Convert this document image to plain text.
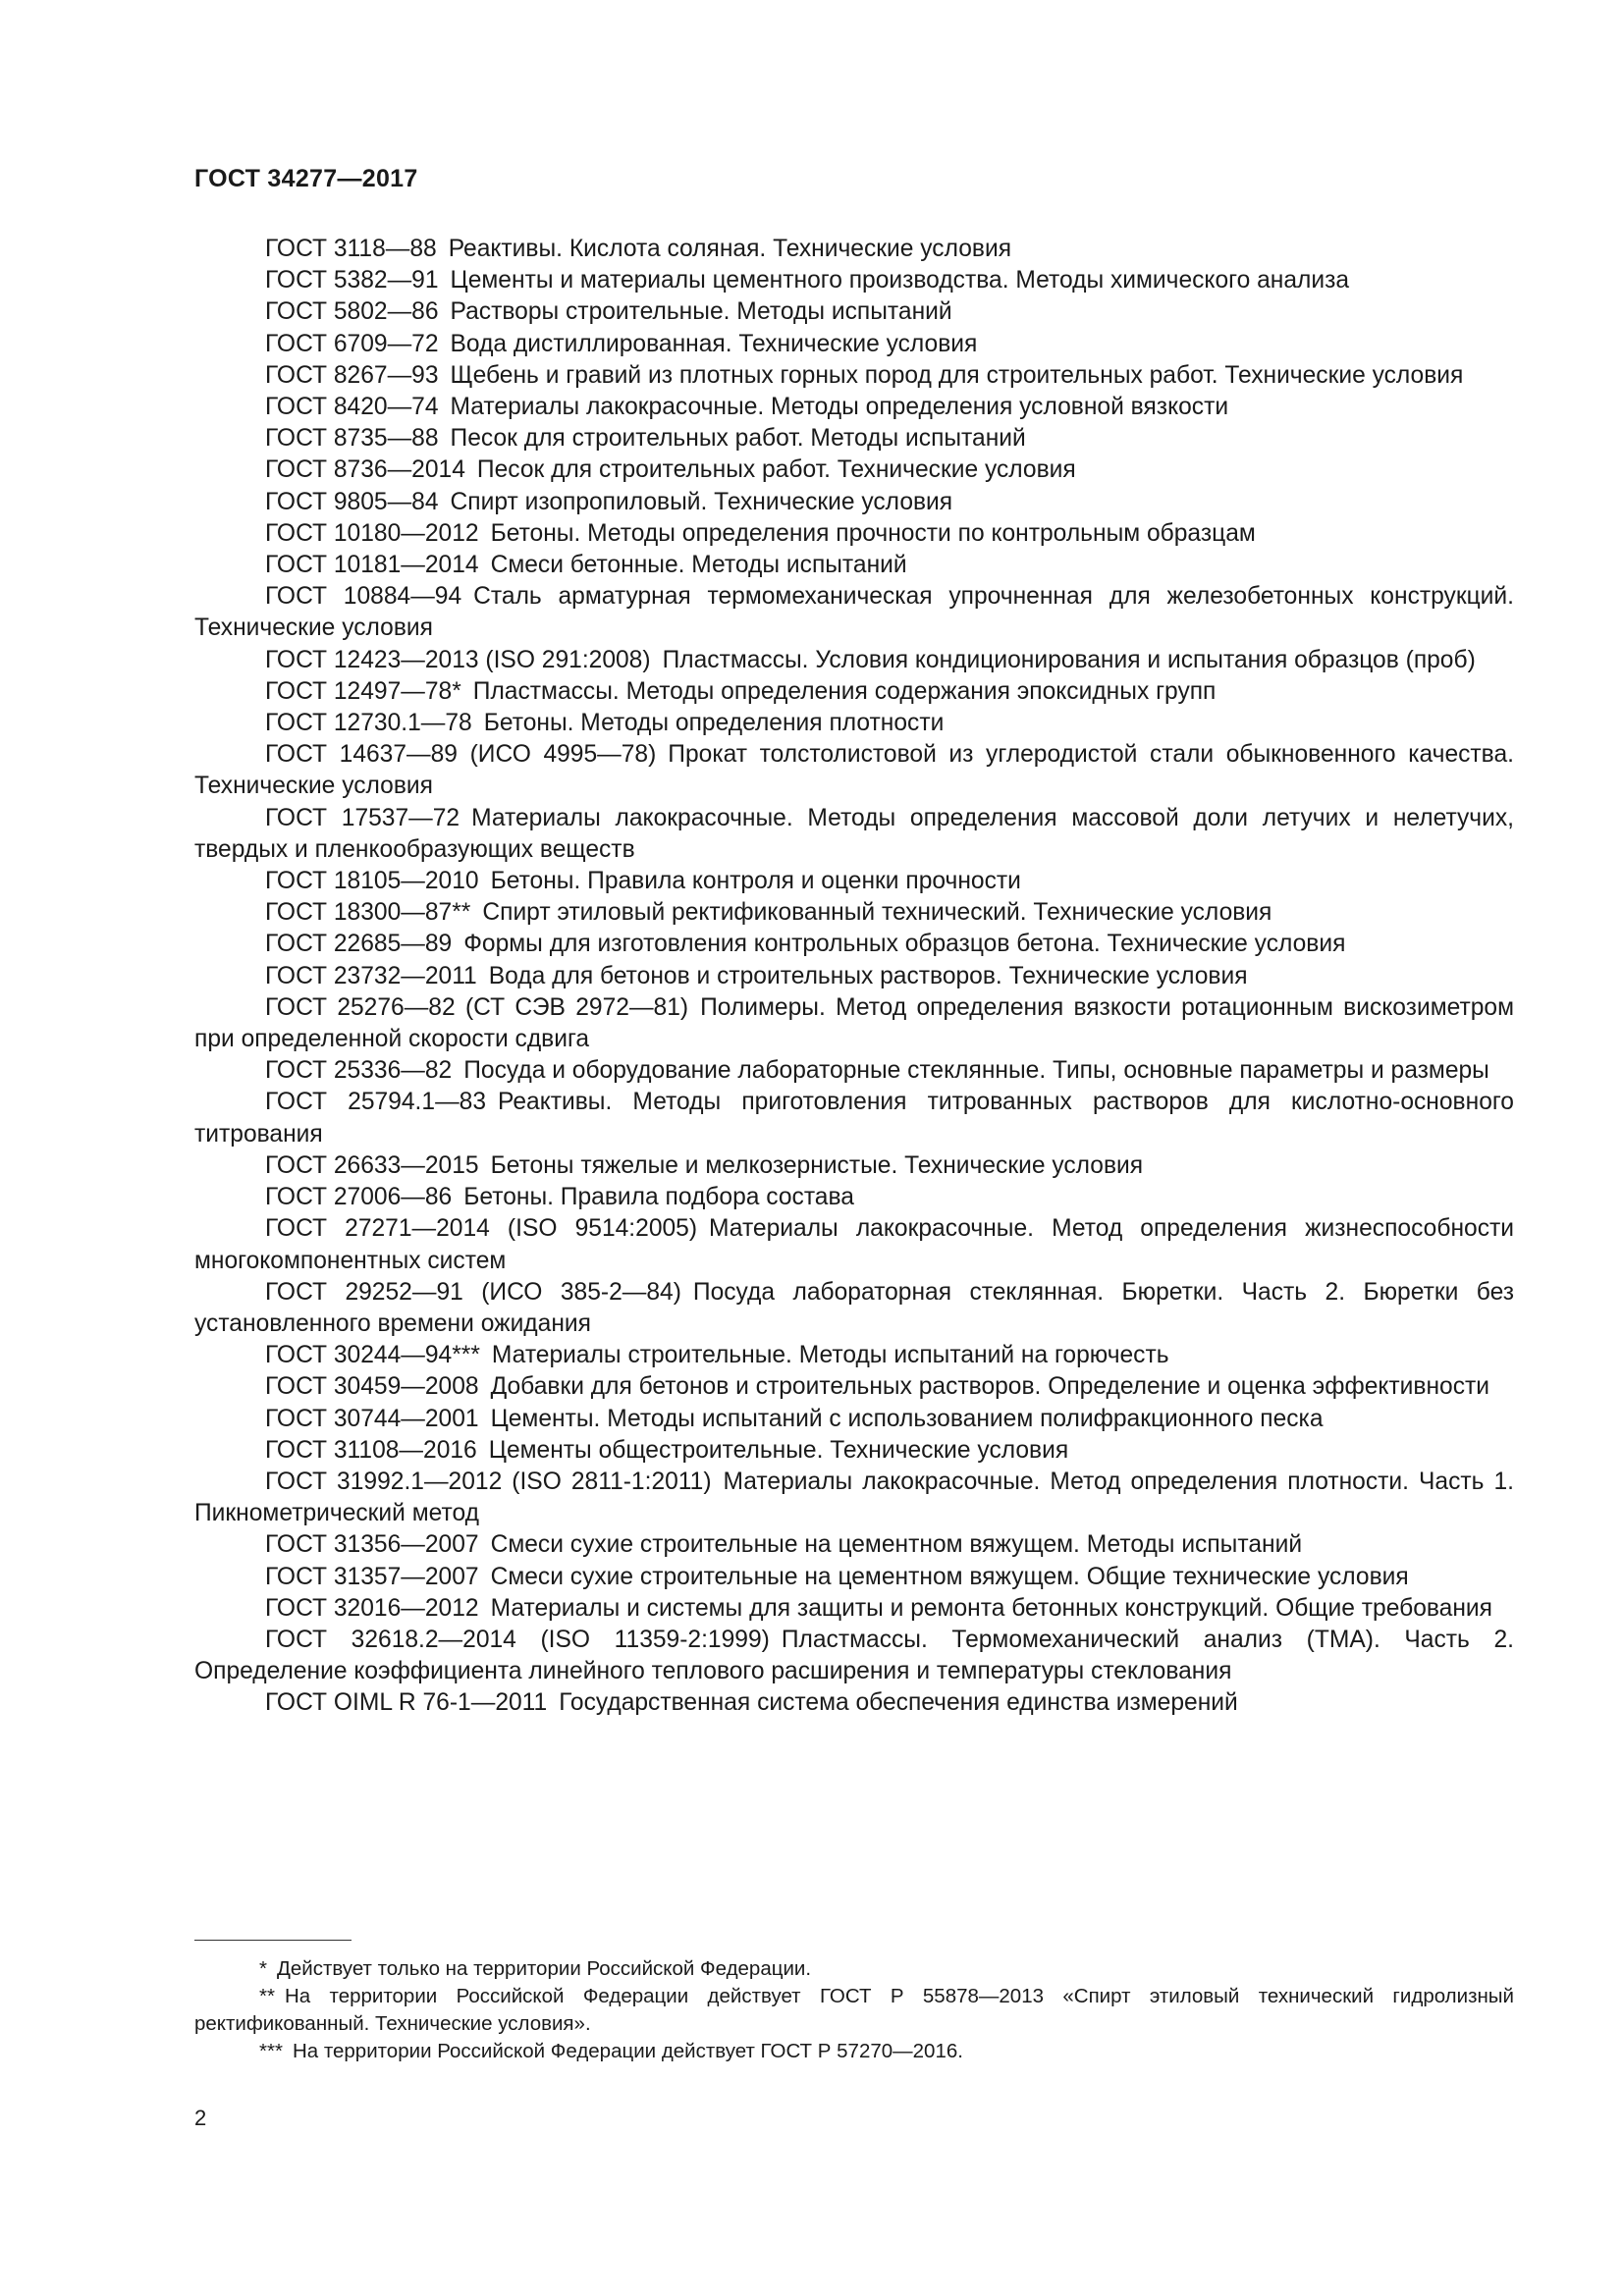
ГОСТ 34277—2017

ГОСТ 3118—88 Реактивы. Кислота соляная. Технические условия

ГОСТ 5382—91 Цементы и материалы цементного производства. Методы химического анализа

ГОСТ 5802—86 Растворы строительные. Методы испытаний

ГОСТ 6709—72 Вода дистиллированная. Технические условия

ГОСТ 8267—93 Щебень и гравий из плотных горных пород для строительных работ. Технические условия

ГОСТ 8420—74 Материалы лакокрасочные. Методы определения условной вязкости

ГОСТ 8735—88 Песок для строительных работ. Методы испытаний

ГОСТ 8736—2014 Песок для строительных работ. Технические условия

ГОСТ 9805—84 Спирт изопропиловый. Технические условия

ГОСТ 10180—2012 Бетоны. Методы определения прочности по контрольным образцам

ГОСТ 10181—2014 Смеси бетонные. Методы испытаний

ГОСТ 10884—94 Сталь арматурная термомеханическая упрочненная для железобетонных конструкций. Технические условия

ГОСТ 12423—2013 (ISO 291:2008) Пластмассы. Условия кондиционирования и испытания образцов (проб)

ГОСТ 12497—78* Пластмассы. Методы определения содержания эпоксидных групп

ГОСТ 12730.1—78 Бетоны. Методы определения плотности

ГОСТ 14637—89 (ИСО 4995—78) Прокат толстолистовой из углеродистой стали обыкновенного качества. Технические условия

ГОСТ 17537—72 Материалы лакокрасочные. Методы определения массовой доли летучих и нелетучих, твердых и пленкообразующих веществ

ГОСТ 18105—2010 Бетоны. Правила контроля и оценки прочности

ГОСТ 18300—87** Спирт этиловый ректификованный технический. Технические условия

ГОСТ 22685—89 Формы для изготовления контрольных образцов бетона. Технические условия

ГОСТ 23732—2011 Вода для бетонов и строительных растворов. Технические условия

ГОСТ 25276—82 (СТ СЭВ 2972—81) Полимеры. Метод определения вязкости ротационным вискозиметром при определенной скорости сдвига

ГОСТ 25336—82 Посуда и оборудование лабораторные стеклянные. Типы, основные параметры и размеры

ГОСТ 25794.1—83 Реактивы. Методы приготовления титрованных растворов для кислотно-основного титрования

ГОСТ 26633—2015 Бетоны тяжелые и мелкозернистые. Технические условия

ГОСТ 27006—86 Бетоны. Правила подбора состава

ГОСТ 27271—2014 (ISO 9514:2005) Материалы лакокрасочные. Метод определения жизнеспособности многокомпонентных систем

ГОСТ 29252—91 (ИСО 385-2—84) Посуда лабораторная стеклянная. Бюретки. Часть 2. Бюретки без установленного времени ожидания

ГОСТ 30244—94*** Материалы строительные. Методы испытаний на горючесть

ГОСТ 30459—2008 Добавки для бетонов и строительных растворов. Определение и оценка эффективности

ГОСТ 30744—2001 Цементы. Методы испытаний с использованием полифракционного песка

ГОСТ 31108—2016 Цементы общестроительные. Технические условия

ГОСТ 31992.1—2012 (ISO 2811-1:2011) Материалы лакокрасочные. Метод определения плотности. Часть 1. Пикнометрический метод

ГОСТ 31356—2007 Смеси сухие строительные на цементном вяжущем. Методы испытаний

ГОСТ 31357—2007 Смеси сухие строительные на цементном вяжущем. Общие технические условия

ГОСТ 32016—2012 Материалы и системы для защиты и ремонта бетонных конструкций. Общие требования

ГОСТ 32618.2—2014 (ISO 11359-2:1999) Пластмассы. Термомеханический анализ (ТМА). Часть 2. Определение коэффициента линейного теплового расширения и температуры стеклования

ГОСТ OIML R 76-1—2011 Государственная система обеспечения единства измерений

* Действует только на территории Российской Федерации.

** На территории Российской Федерации действует ГОСТ Р 55878—2013 «Спирт этиловый технический гидролизный ректификованный. Технические условия».

*** На территории Российской Федерации действует ГОСТ Р 57270—2016.

2
